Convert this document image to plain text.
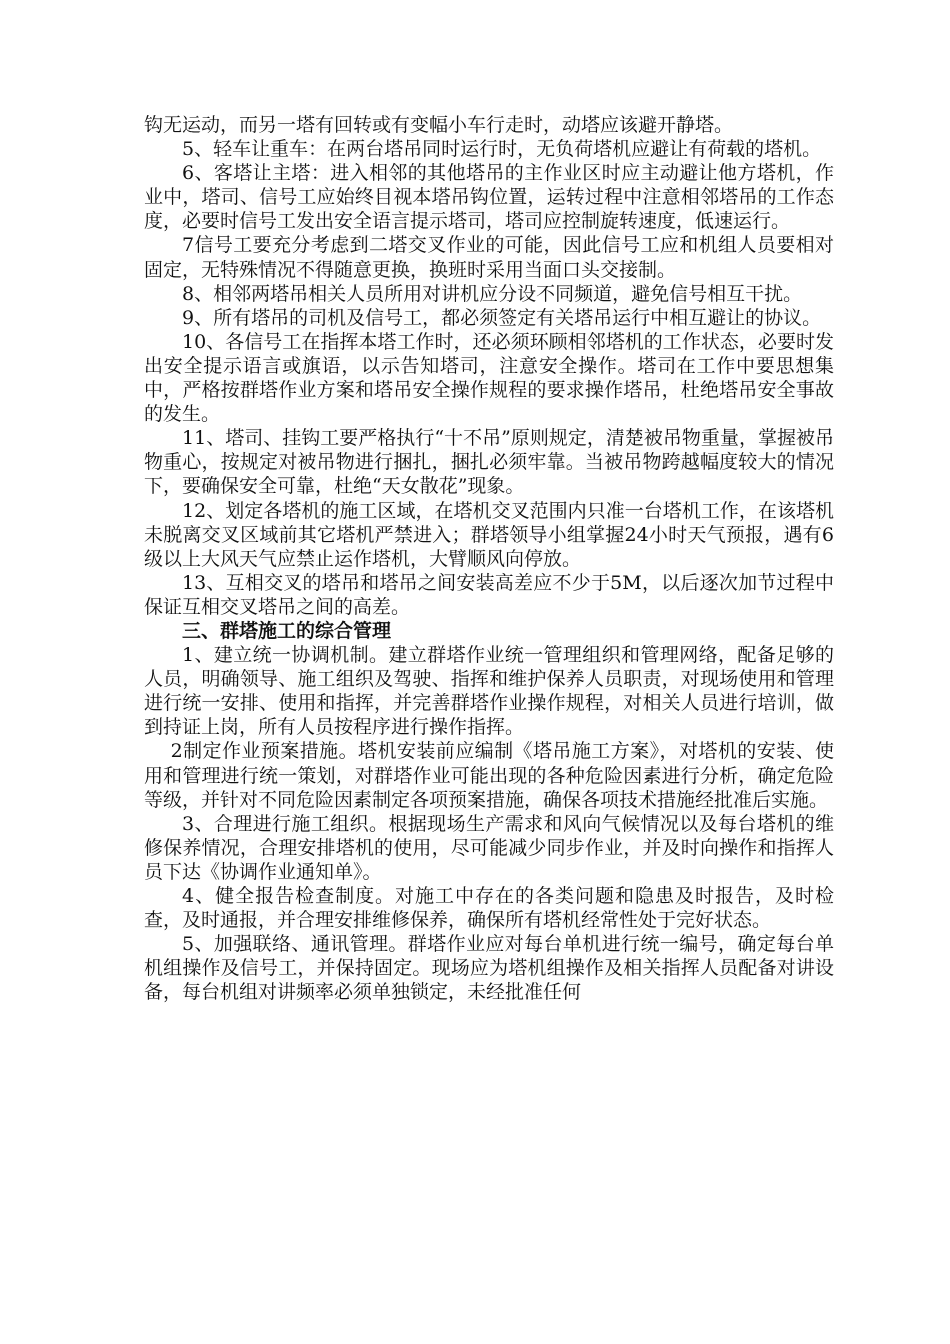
钩无运动，而另一塔有回转或有变幅小车行走时，动塔应该避开静塔。

5、轻车让重车：在两台塔吊同时运行时，无负荷塔机应避让有荷载的塔机。

6、客塔让主塔：进入相邻的其他塔吊的主作业区时应主动避让他方塔机，作业中，塔司、信号工应始终目视本塔吊钩位置，运转过程中注意相邻塔吊的工作态度，必要时信号工发出安全语言提示塔司，塔司应控制旋转速度，低速运行。

7信号工要充分考虑到二塔交叉作业的可能，因此信号工应和机组人员要相对固定，无特殊情况不得随意更换，换班时采用当面口头交接制。

8、相邻两塔吊相关人员所用对讲机应分设不同频道，避免信号相互干扰。

9、所有塔吊的司机及信号工，都必须签定有关塔吊运行中相互避让的协议。

10、各信号工在指挥本塔工作时，还必须环顾相邻塔机的工作状态，必要时发出安全提示语言或旗语，以示告知塔司，注意安全操作。塔司在工作中要思想集中，严格按群塔作业方案和塔吊安全操作规程的要求操作塔吊，杜绝塔吊安全事故的发生。

11、塔司、挂钩工要严格执行“十不吊”原则规定，清楚被吊物重量，掌握被吊物重心，按规定对被吊物进行捆扎，捆扎必须牢靠。当被吊物跨越幅度较大的情况下，要确保安全可靠，杜绝“天女散花”现象。

12、划定各塔机的施工区域，在塔机交叉范围内只准一台塔机工作，在该塔机未脱离交叉区域前其它塔机严禁进入；群塔领导小组掌握24小时天气预报，遇有6级以上大风天气应禁止运作塔机，大臂顺风向停放。

13、互相交叉的塔吊和塔吊之间安装高差应不少于5M，以后逐次加节过程中保证互相交叉塔吊之间的高差。

三、群塔施工的综合管理

1、建立统一协调机制。建立群塔作业统一管理组织和管理网络，配备足够的人员，明确领导、施工组织及驾驶、指挥和维护保养人员职责，对现场使用和管理进行统一安排、使用和指挥，并完善群塔作业操作规程，对相关人员进行培训，做到持证上岗，所有人员按程序进行操作指挥。

2制定作业预案措施。塔机安装前应编制《塔吊施工方案》，对塔机的安装、使用和管理进行统一策划，对群塔作业可能出现的各种危险因素进行分析，确定危险等级，并针对不同危险因素制定各项预案措施，确保各项技术措施经批准后实施。

3、合理进行施工组织。根据现场生产需求和风向气候情况以及每台塔机的维修保养情况，合理安排塔机的使用，尽可能减少同步作业，并及时向操作和指挥人员下达《协调作业通知单》。

4、健全报告检查制度。对施工中存在的各类问题和隐患及时报告，及时检查，及时通报，并合理安排维修保养，确保所有塔机经常性处于完好状态。

5、加强联络、通讯管理。群塔作业应对每台单机进行统一编号，确定每台单机组操作及信号工，并保持固定。现场应为塔机组操作及相关指挥人员配备对讲设备，每台机组对讲频率必须单独锁定，未经批准任何
